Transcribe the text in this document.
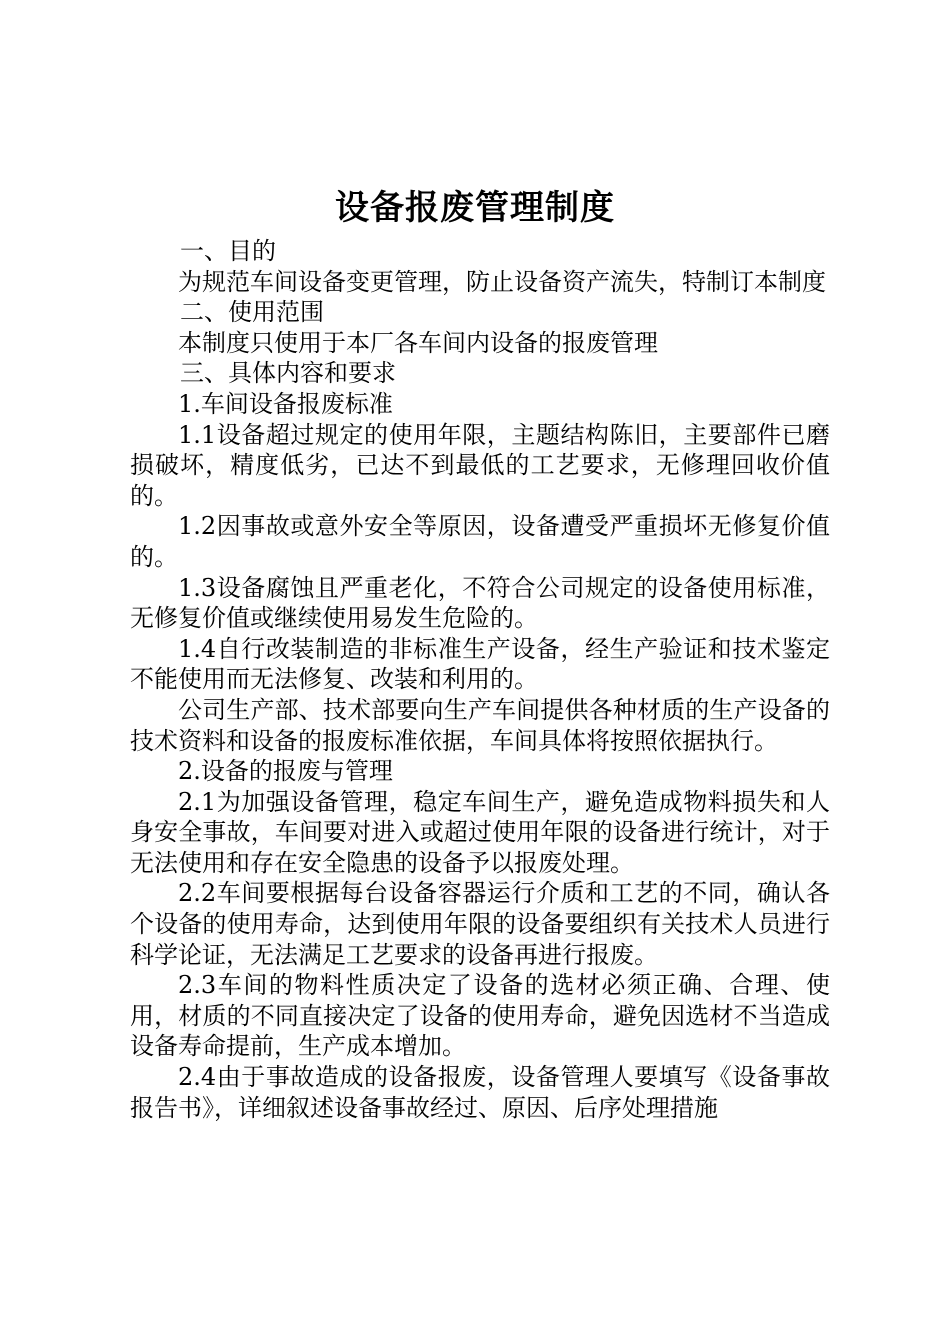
设备报废管理制度

一、目的

为规范车间设备变更管理，防止设备资产流失，特制订本制度

二、使用范围

本制度只使用于本厂各车间内设备的报废管理

三、具体内容和要求

1.车间设备报废标准

1.1设备超过规定的使用年限，主题结构陈旧，主要部件已磨损破坏，精度低劣，已达不到最低的工艺要求，无修理回收价值的。

1.2因事故或意外安全等原因，设备遭受严重损坏无修复价值的。

1.3设备腐蚀且严重老化，不符合公司规定的设备使用标准，无修复价值或继续使用易发生危险的。

1.4自行改装制造的非标准生产设备，经生产验证和技术鉴定不能使用而无法修复、改装和利用的。

公司生产部、技术部要向生产车间提供各种材质的生产设备的技术资料和设备的报废标准依据，车间具体将按照依据执行。

2.设备的报废与管理

2.1为加强设备管理，稳定车间生产，避免造成物料损失和人身安全事故，车间要对进入或超过使用年限的设备进行统计，对于无法使用和存在安全隐患的设备予以报废处理。

2.2车间要根据每台设备容器运行介质和工艺的不同，确认各个设备的使用寿命，达到使用年限的设备要组织有关技术人员进行科学论证，无法满足工艺要求的设备再进行报废。

2.3车间的物料性质决定了设备的选材必须正确、合理、使用，材质的不同直接决定了设备的使用寿命，避免因选材不当造成设备寿命提前，生产成本增加。

2.4由于事故造成的设备报废，设备管理人要填写《设备事故报告书》，详细叙述设备事故经过、原因、后序处理措施
